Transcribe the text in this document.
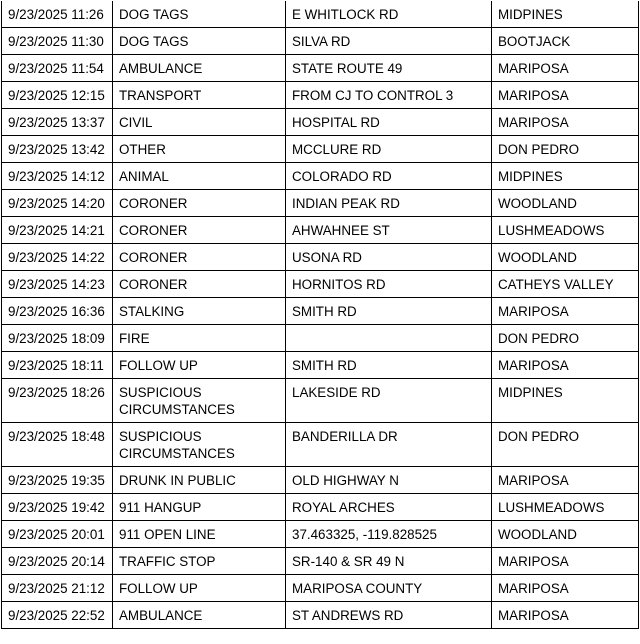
9/23/2025 11:26	DOG TAGS	E WHITLOCK RD	MIDPINES
9/23/2025 11:30	DOG TAGS	SILVA RD	BOOTJACK
9/23/2025 11:54	AMBULANCE	STATE ROUTE 49	MARIPOSA
9/23/2025 12:15	TRANSPORT	FROM CJ TO CONTROL 3	MARIPOSA
9/23/2025 13:37	CIVIL	HOSPITAL RD	MARIPOSA
9/23/2025 13:42	OTHER	MCCLURE RD	DON PEDRO
9/23/2025 14:12	ANIMAL	COLORADO RD	MIDPINES
9/23/2025 14:20	CORONER	INDIAN PEAK RD	WOODLAND
9/23/2025 14:21	CORONER	AHWAHNEE ST	LUSHMEADOWS
9/23/2025 14:22	CORONER	USONA RD	WOODLAND
9/23/2025 14:23	CORONER	HORNITOS RD	CATHEYS VALLEY
9/23/2025 16:36	STALKING	SMITH RD	MARIPOSA
9/23/2025 18:09	FIRE		DON PEDRO
9/23/2025 18:11	FOLLOW UP	SMITH RD	MARIPOSA
9/23/2025 18:26	SUSPICIOUS CIRCUMSTANCES	LAKESIDE RD	MIDPINES
9/23/2025 18:48	SUSPICIOUS CIRCUMSTANCES	BANDERILLA DR	DON PEDRO
9/23/2025 19:35	DRUNK IN PUBLIC	OLD HIGHWAY N	MARIPOSA
9/23/2025 19:42	911 HANGUP	ROYAL ARCHES	LUSHMEADOWS
9/23/2025 20:01	911 OPEN LINE	37.463325, -119.828525	WOODLAND
9/23/2025 20:14	TRAFFIC STOP	SR-140 & SR 49 N	MARIPOSA
9/23/2025 21:12	FOLLOW UP	MARIPOSA COUNTY	MARIPOSA
9/23/2025 22:52	AMBULANCE	ST ANDREWS RD	MARIPOSA
